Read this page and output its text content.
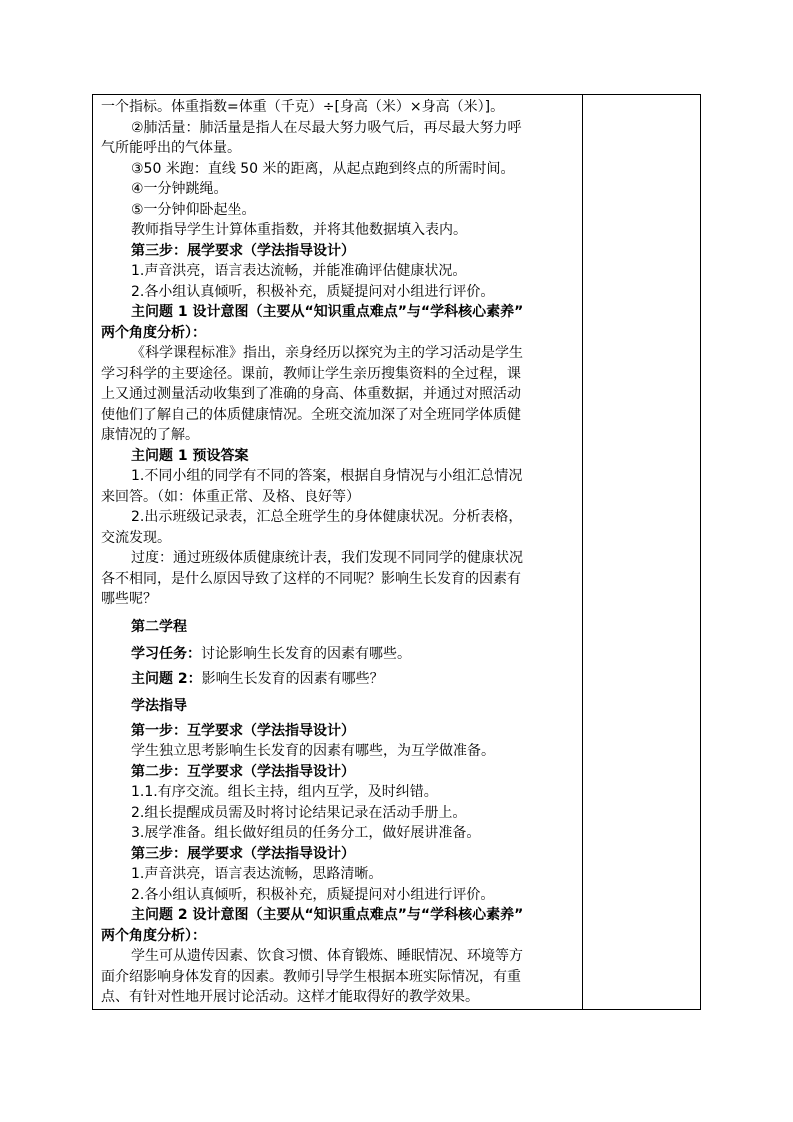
一个指标。体重指数=体重（千克）÷[身高（米）×身高（米）]。
②肺活量：肺活量是指人在尽最大努力吸气后，再尽最大努力呼
气所能呼出的气体量。
③50 米跑：直线 50 米的距离，从起点跑到终点的所需时间。
④一分钟跳绳。
⑤一分钟仰卧起坐。
教师指导学生计算体重指数，并将其他数据填入表内。
第三步：展学要求（学法指导设计）
1.声音洪亮，语言表达流畅，并能准确评估健康状况。
2.各小组认真倾听，积极补充，质疑提问对小组进行评价。
主问题 1 设计意图（主要从“知识重点难点”与“学科核心素养”
两个角度分析）：
《科学课程标准》指出，亲身经历以探究为主的学习活动是学生
学习科学的主要途径。课前，教师让学生亲历搜集资料的全过程，课
上又通过测量活动收集到了准确的身高、体重数据，并通过对照活动
使他们了解自己的体质健康情况。全班交流加深了对全班同学体质健
康情况的了解。
主问题 1 预设答案
1.不同小组的同学有不同的答案，根据自身情况与小组汇总情况
来回答。（如：体重正常、及格、良好等）
2.出示班级记录表，汇总全班学生的身体健康状况。分析表格，
交流发现。
过度：通过班级体质健康统计表，我们发现不同同学的健康状况
各不相同，是什么原因导致了这样的不同呢？影响生长发育的因素有
哪些呢？
第二学程
学习任务：讨论影响生长发育的因素有哪些。
主问题 2：影响生长发育的因素有哪些？
学法指导
第一步：互学要求（学法指导设计）
学生独立思考影响生长发育的因素有哪些，为互学做准备。
第二步：互学要求（学法指导设计）
1.1.有序交流。组长主持，组内互学，及时纠错。
2.组长提醒成员需及时将讨论结果记录在活动手册上。
3.展学准备。组长做好组员的任务分工，做好展讲准备。
第三步：展学要求（学法指导设计）
1.声音洪亮，语言表达流畅，思路清晰。
2.各小组认真倾听，积极补充，质疑提问对小组进行评价。
主问题 2 设计意图（主要从“知识重点难点”与“学科核心素养”
两个角度分析）：
学生可从遗传因素、饮食习惯、体育锻炼、睡眠情况、环境等方
面介绍影响身体发育的因素。教师引导学生根据本班实际情况，有重
点、有针对性地开展讨论活动。这样才能取得好的教学效果。
